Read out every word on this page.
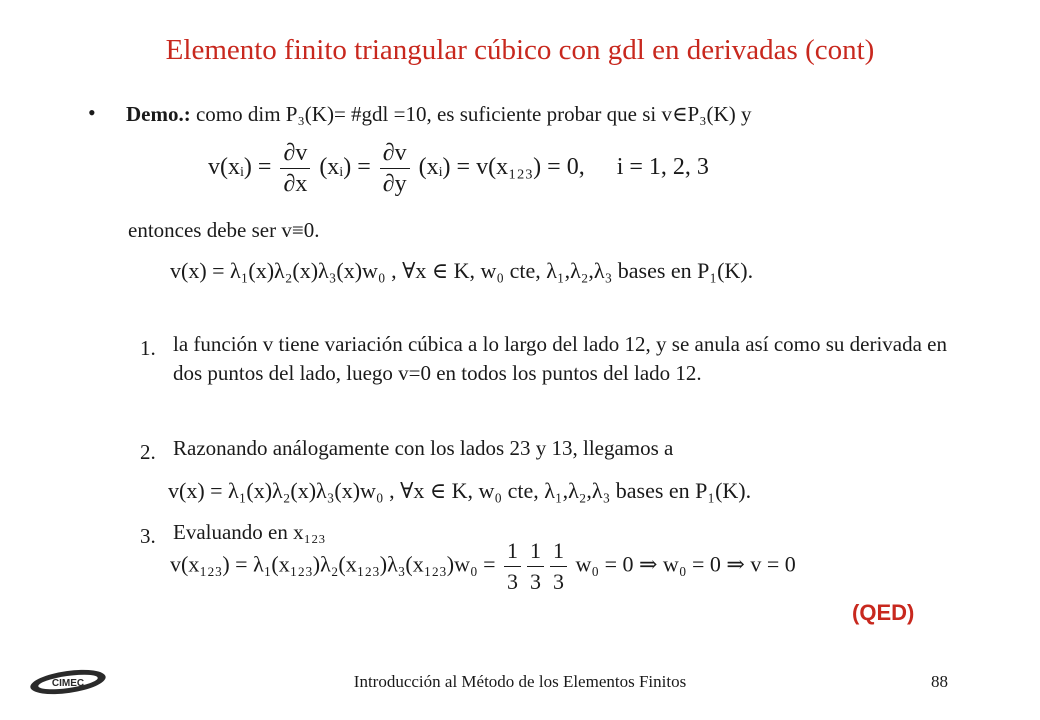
Elemento finito triangular cúbico con gdl en derivadas (cont)
• Demo.: como dim P₃(K)= #gdl =10, es suficiente probar que si v∈P₃(K) y
v(xᵢ) = $\frac{\partial v}{\partial x}$ (xᵢ) = $\frac{\partial v}{\partial y}$ (xᵢ) = v(x₁₂₃) = 0, i = 1, 2, 3
entonces debe ser v≡0.
v(x) = λ₁(x)λ₂(x)λ₃(x)w₀ , ∀x ∈ K, w₀ cte, λ₁,λ₂,λ₃ bases en P₁(K).
1. la función v tiene variación cúbica a lo largo del lado 12, y se anula así como su derivada en dos puntos del lado, luego v=0 en todos los puntos del lado 12.
2. Razonando análogamente con los lados 23 y 13, llegamos a
v(x) = λ₁(x)λ₂(x)λ₃(x)w₀ , ∀x ∈ K, w₀ cte, λ₁,λ₂,λ₃ bases en P₁(K).
3. Evaluando en x₁₂₃
$v(x_{123}) = \lambda_1(x_{123})\lambda_2(x_{123})\lambda_3(x_{123})w_0 = \frac{1}{3} \frac{1}{3} \frac{1}{3} w_0 = 0$ ⇒ w₀ = 0 ⇒ v = 0
(QED)
CIMEC	Introducción al Método de los Elementos Finitos	88
